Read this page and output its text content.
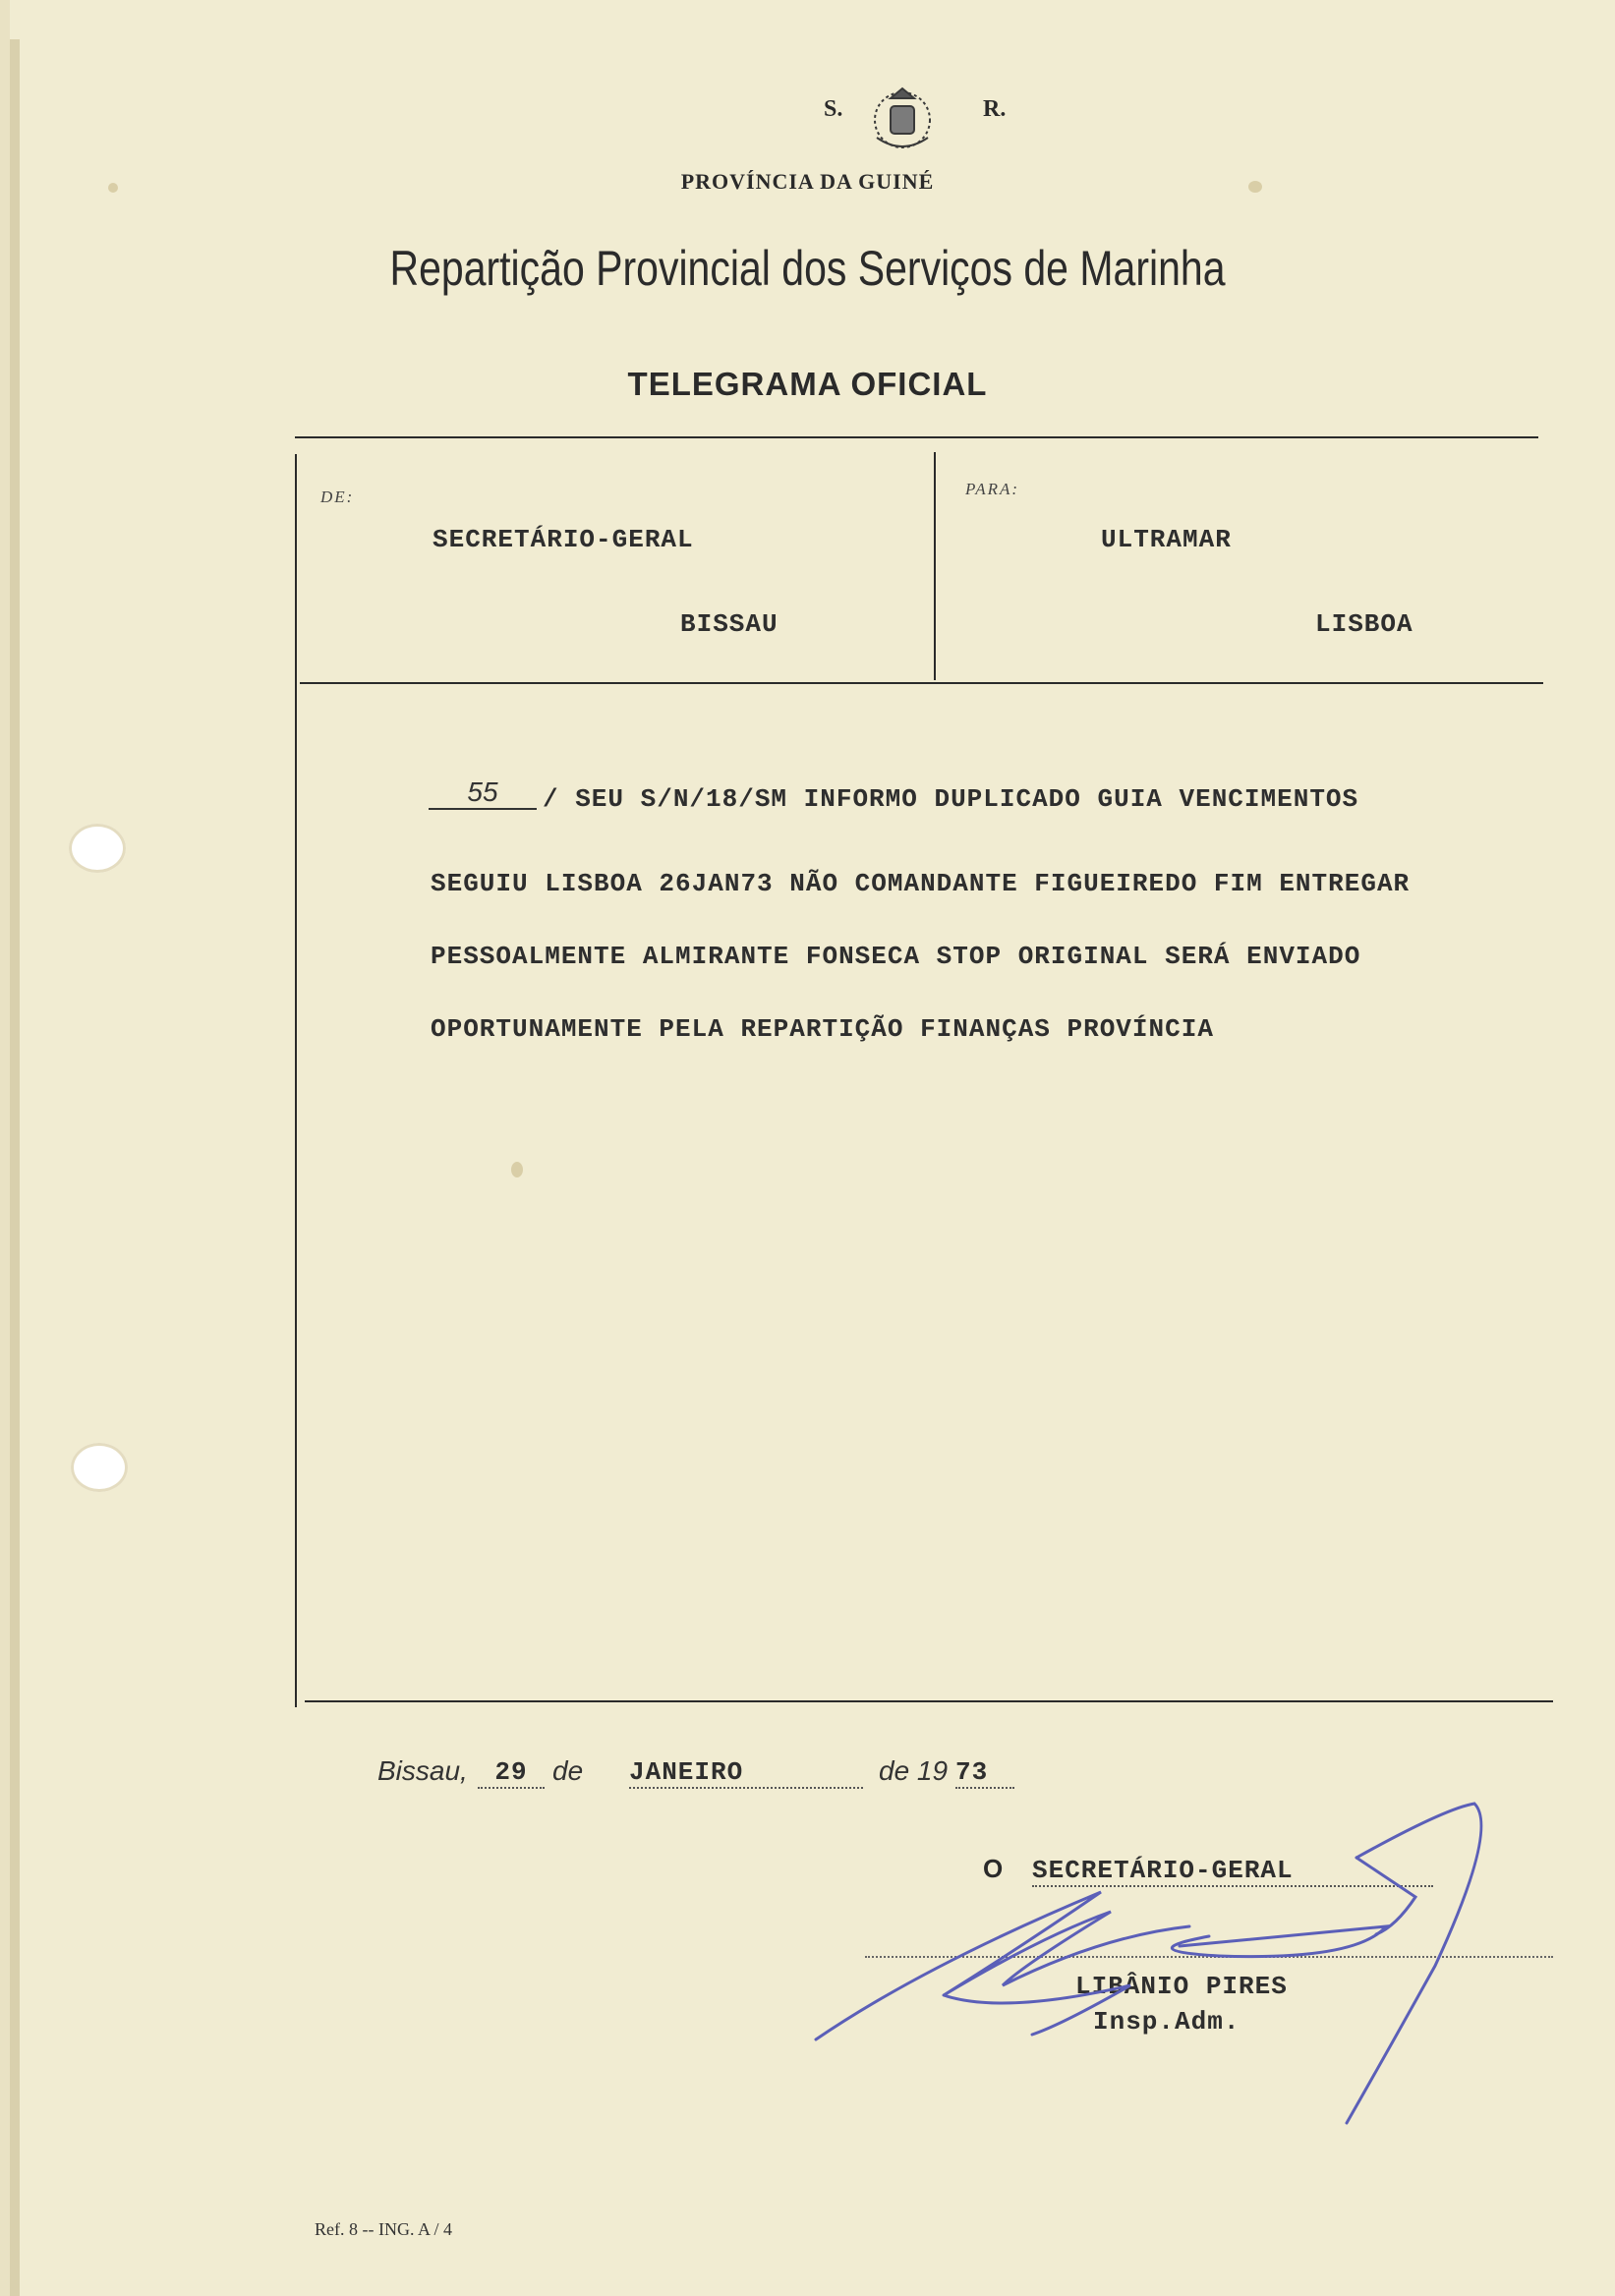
S.	R.
PROVÍNCIA DA GUINÉ
Repartição Provincial dos Serviços de Marinha
TELEGRAMA OFICIAL
DE:
SECRETÁRIO-GERAL
BISSAU
PARA:
ULTRAMAR
LISBOA
55	/ SEU S/N/18/SM INFORMO DUPLICADO GUIA VENCIMENTOS
SEGUIU LISBOA 26JAN73 NÃO COMANDANTE FIGUEIREDO FIM ENTREGAR
PESSOALMENTE ALMIRANTE FONSECA STOP ORIGINAL SERÁ ENVIADO
OPORTUNAMENTE PELA REPARTIÇÃO FINANÇAS PROVÍNCIA
Bissau,	29 de JANEIRO	de 19 73
O SECRETÁRIO-GERAL
LIBÂNIO PIRES
Insp.Adm.
Ref. 8 -- ING. A / 4
